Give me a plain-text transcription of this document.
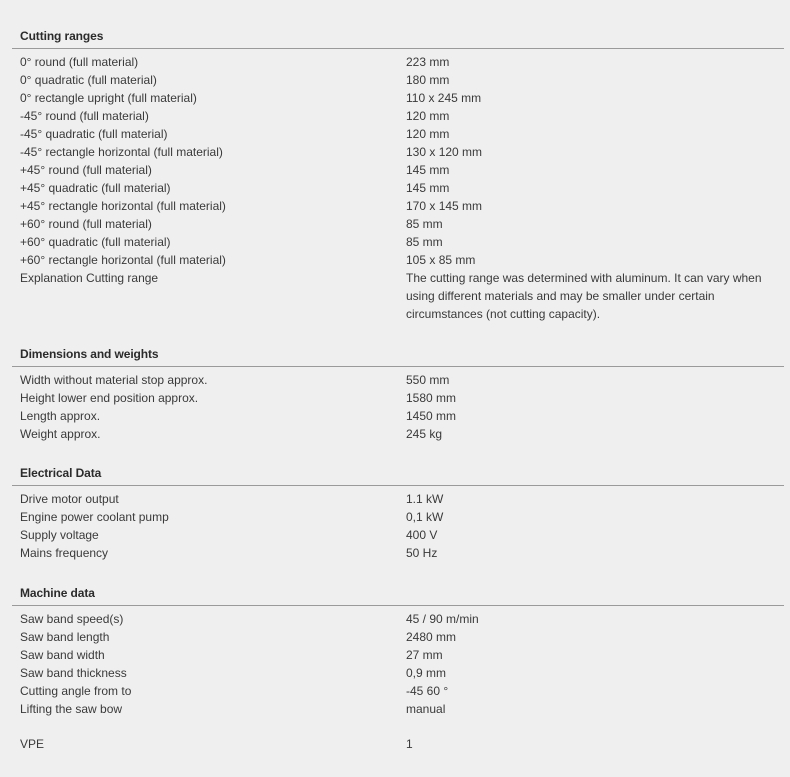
Cutting ranges
0° round (full material)	223 mm
0° quadratic (full material)	180 mm
0° rectangle upright (full material)	110 x 245 mm
-45° round (full material)	120 mm
-45° quadratic (full material)	120 mm
-45° rectangle horizontal (full material)	130 x 120 mm
+45° round (full material)	145 mm
+45° quadratic (full material)	145 mm
+45° rectangle horizontal (full material)	170 x 145 mm
+60° round (full material)	85 mm
+60° quadratic (full material)	85 mm
+60° rectangle horizontal (full material)	105 x 85 mm
Explanation Cutting range	The cutting range was determined with aluminum. It can vary when using different materials and may be smaller under certain circumstances (not cutting capacity).
Dimensions and weights
Width without material stop approx.	550 mm
Height lower end position approx.	1580 mm
Length approx.	1450 mm
Weight approx.	245 kg
Electrical Data
Drive motor output	1.1 kW
Engine power coolant pump	0,1 kW
Supply voltage	400 V
Mains frequency	50 Hz
Machine data
Saw band speed(s)	45 / 90 m/min
Saw band length	2480 mm
Saw band width	27 mm
Saw band thickness	0,9 mm
Cutting angle from to	-45 60 °
Lifting the saw bow	manual
VPE	1
